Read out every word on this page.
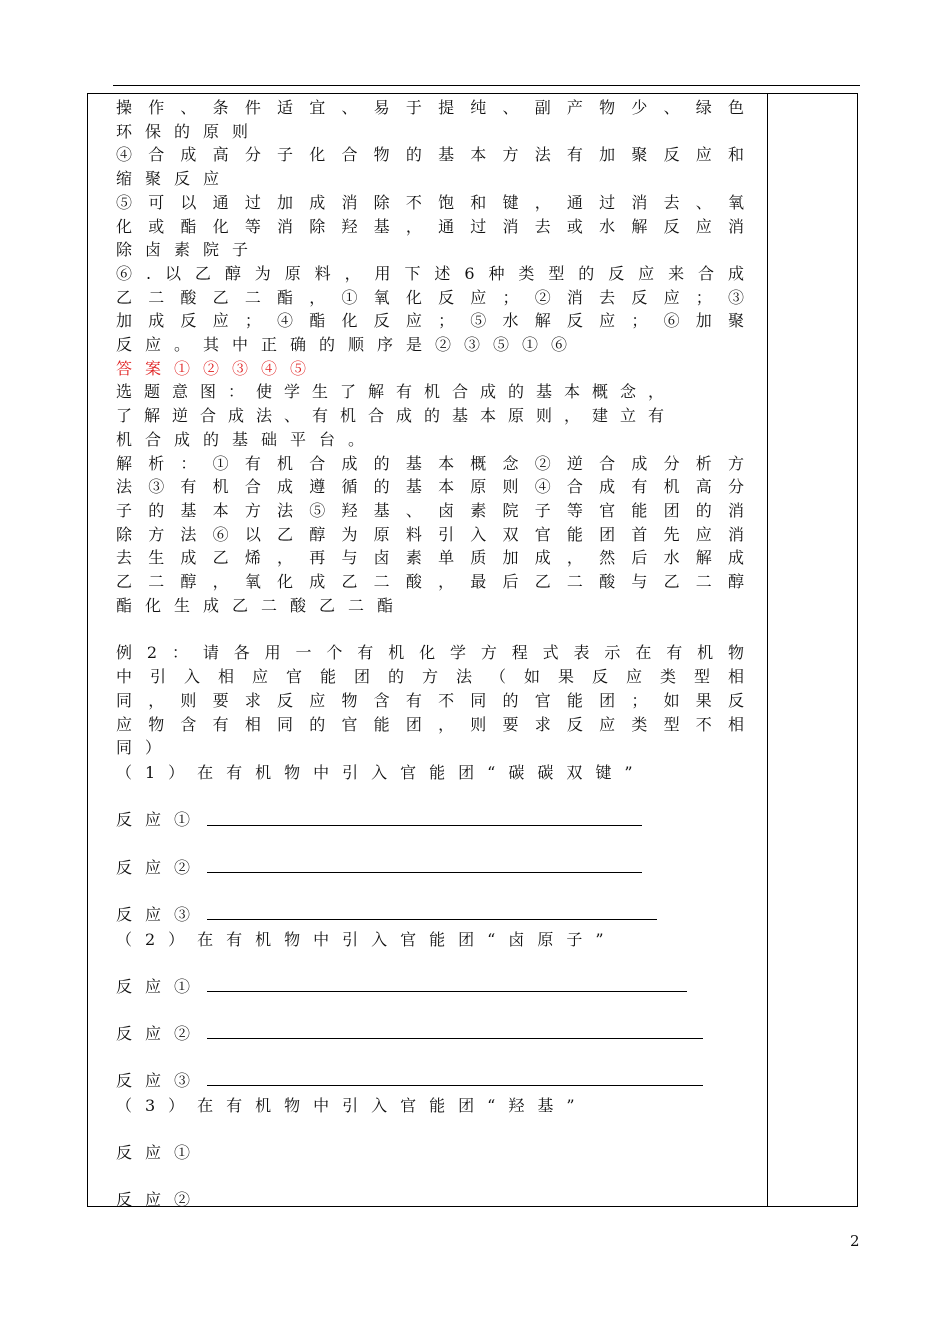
操作、条件适宜、易于提纯、副产物少、绿色
环保的原则
④合成高分子化合物的基本方法有加聚反应和
缩聚反应
⑤可以通过加成消除不饱和键，通过消去、氧
化或酯化等消除羟基，通过消去或水解反应消
除卤素院子
⑥.以乙醇为原料，用下述6种类型的反应来合成
乙二酸乙二酯，①氧化反应；②消去反应；③
加成反应；④酯化反应；⑤水解反应；⑥加聚
反应。其中正确的顺序是②③⑤①⑥
答案①②③④⑤
选题意图：使学生了解有机合成的基本概念，
了解逆合成法、有机合成的基本原则，建立有
机合成的基础平台。
解析：①有机合成的基本概念②逆合成分析方
法③有机合成遵循的基本原则④合成有机高分
子的基本方法⑤羟基、卤素院子等官能团的消
除方法⑥以乙醇为原料引入双官能团首先应消
去生成乙烯，再与卤素单质加成，然后水解成
乙二醇，氧化成乙二酸，最后乙二酸与乙二醇
酯化生成乙二酸乙二酯
例2：请各用一个有机化学方程式表示在有机物
中引入相应官能团的方法（如果反应类型相
同，则要求反应物含有不同的官能团；如果反
应物含有相同的官能团，则要求反应类型不相
同）
（1）在有机物中引入官能团“碳碳双键”
反应①
反应②
反应③
（2）在有机物中引入官能团“卤原子”
反应①
反应②
反应③
（3）在有机物中引入官能团“羟基”
反应①
反应②
2
